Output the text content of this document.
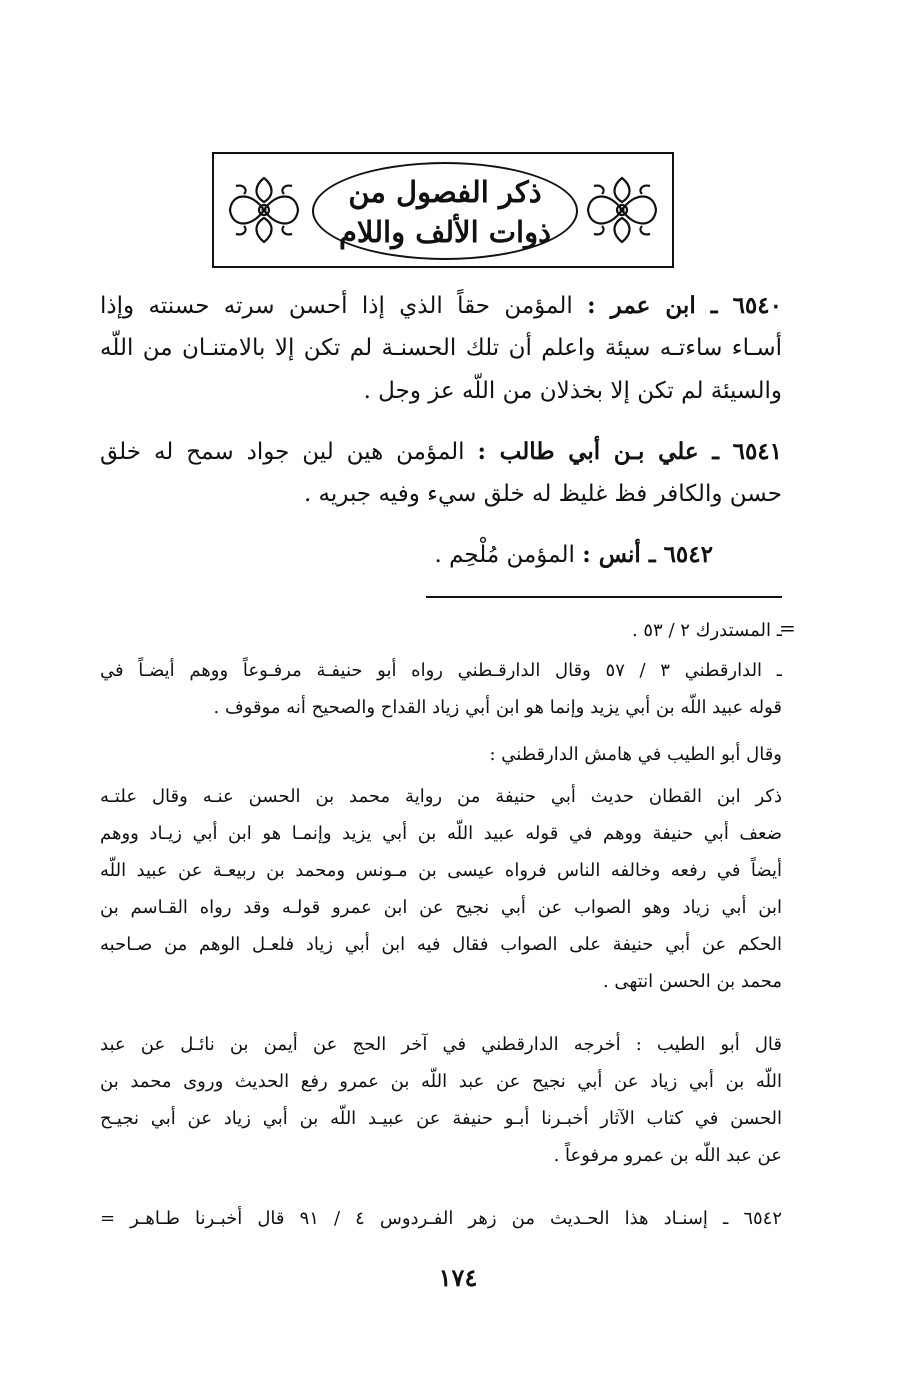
ذكر الفصول من
ذوات الألف واللام
٦٥٤٠ ـ ابن عمر : المؤمن حقاً الذي إذا أحسن سرته حسنته وإذا
أسـاء ساءتـه سيئة واعلم أن تلك الحسنـة لم تكن إلا بالامتنـان من اللّه
والسيئة لم تكن إلا بخذلان من اللّه عز وجل .
٦٥٤١ ـ علي بـن أبي طالب : المؤمن هين لين جواد سمح له خلق
حسن والكافر فظ غليظ له خلق سيء وفيه جبريه .
   ٦٥٤٢ ـ أنس : المؤمن مُلْحِم .
=
ـ المستدرك ٢ / ٥٣ .
ـ الدارقطني ٣ / ٥٧ وقال الدارقـطني رواه أبو حنيفـة مرفـوعاً ووهم أيضـاً في
قوله عبيد اللّه بن أبي يزيد وإنما هو ابن أبي زياد القداح والصحيح أنه موقوف .
وقال أبو الطيب في هامش الدارقطني :
ذكر ابن القطان حديث أبي حنيفة من رواية محمد بن الحسن عنـه وقال علتـه
ضعف أبي حنيفة ووهم في قوله عبيد اللّه بن أبي يزيد وإنمـا هو ابن أبي زيـاد ووهم
أيضاً في رفعه وخالفه الناس فرواه عيسى بن مـونس ومحمد بن ربيعـة عن عبيد اللّه
ابن أبي زياد وهو الصواب عن أبي نجيح عن ابن عمرو قولـه وقد رواه القـاسم بن
الحكم عن أبي حنيفة على الصواب فقال فيه ابن أبي زياد فلعـل الوهم من صـاحبه
محمد بن الحسن انتهى .
قال أبو الطيب : أخرجه الدارقطني في آخر الحج عن أيمن بن نائـل عن عبد
اللّه بن أبي زياد عن أبي نجيح عن عبد اللّه بن عمرو رفع الحديث وروى محمد بن
الحسن في كتاب الآثار أخبـرنا أبـو حنيفة عن عبيـد اللّه بن أبي زياد عن أبي نجيـح
عن عبد اللّه بن عمرو مرفوعاً .
٦٥٤٢ ـ إسنـاد هذا الحـديث من زهر الفـردوس ٤ / ٩١ قال أخبـرنا طـاهـر =
١٧٤
